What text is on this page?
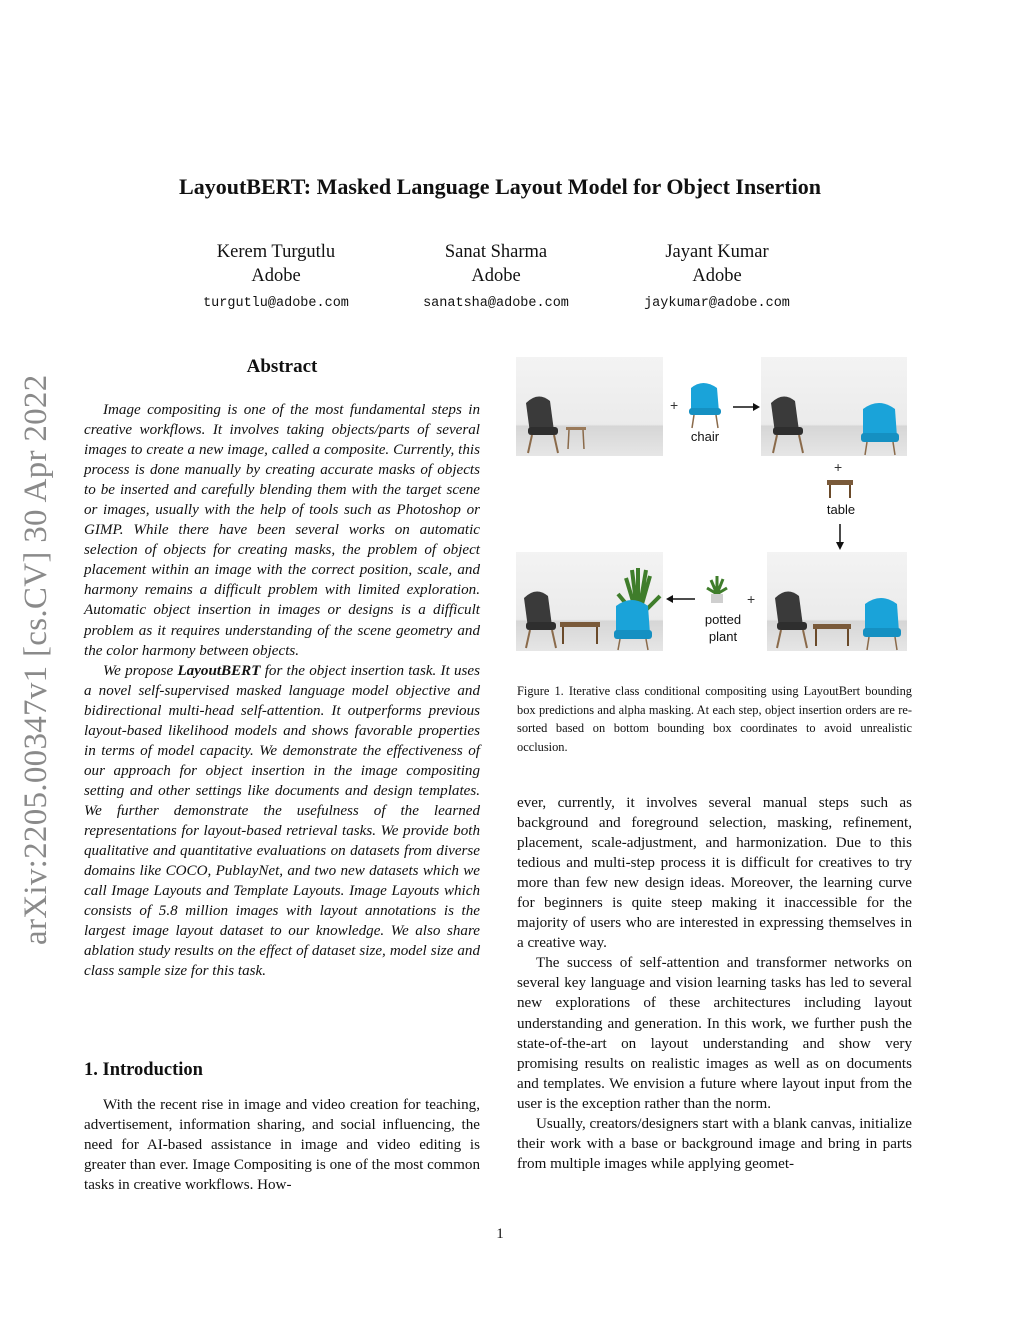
arXiv:2205.00347v1 [cs.CV] 30 Apr 2022
LayoutBERT: Masked Language Layout Model for Object Insertion
Kerem Turgutlu
Adobe
turgutlu@adobe.com
Sanat Sharma
Adobe
sanatsha@adobe.com
Jayant Kumar
Adobe
jaykumar@adobe.com
Abstract

Image compositing is one of the most fundamental steps in creative workflows. It involves taking objects/parts of several images to create a new image, called a composite. Currently, this process is done manually by creating accurate masks of objects to be inserted and carefully blending them with the target scene or images, usually with the help of tools such as Photoshop or GIMP. While there have been several works on automatic selection of objects for creating masks, the problem of object placement within an image with the correct position, scale, and harmony remains a difficult problem with limited exploration. Automatic object insertion in images or designs is a difficult problem as it requires understanding of the scene geometry and the color harmony between objects.

We propose LayoutBERT for the object insertion task. It uses a novel self-supervised masked language model objective and bidirectional multi-head self-attention. It outperforms previous layout-based likelihood models and shows favorable properties in terms of model capacity. We demonstrate the effectiveness of our approach for object insertion in the image compositing setting and other settings like documents and design templates. We further demonstrate the usefulness of the learned representations for layout-based retrieval tasks. We provide both qualitative and quantitative evaluations on datasets from diverse domains like COCO, PublayNet, and two new datasets which we call Image Layouts and Template Layouts. Image Layouts which consists of 5.8 million images with layout annotations is the largest image layout dataset to our knowledge. We also share ablation study results on the effect of dataset size, model size and class sample size for this task.

1. Introduction

With the recent rise in image and video creation for teaching, advertisement, information sharing, and social influencing, the need for AI-based assistance in image and video editing is greater than ever. Image Compositing is one of the most common tasks in creative workflows. How-

+
+
+
chair
table
potted
plant
Figure 1. Iterative class conditional compositing using LayoutBert bounding box predictions and alpha masking. At each step, object insertion orders are re-sorted based on bottom bounding box coordinates to avoid unrealistic occlusion.

ever, currently, it involves several manual steps such as background and foreground selection, masking, refinement, placement, scale-adjustment, and harmonization. Due to this tedious and multi-step process it is difficult for creatives to try more than few new design ideas. Moreover, the learning curve for beginners is quite steep making it inaccessible for the majority of users who are interested in expressing themselves in a creative way.

The success of self-attention and transformer networks on several key language and vision learning tasks has led to several new explorations of these architectures including layout understanding and generation. In this work, we further push the state-of-the-art on layout understanding and show very promising results on realistic images as well as on documents and templates. We envision a future where layout input from the user is the exception rather than the norm.

Usually, creators/designers start with a blank canvas, initialize their work with a base or background image and bring in parts from multiple images while applying geomet-

1
